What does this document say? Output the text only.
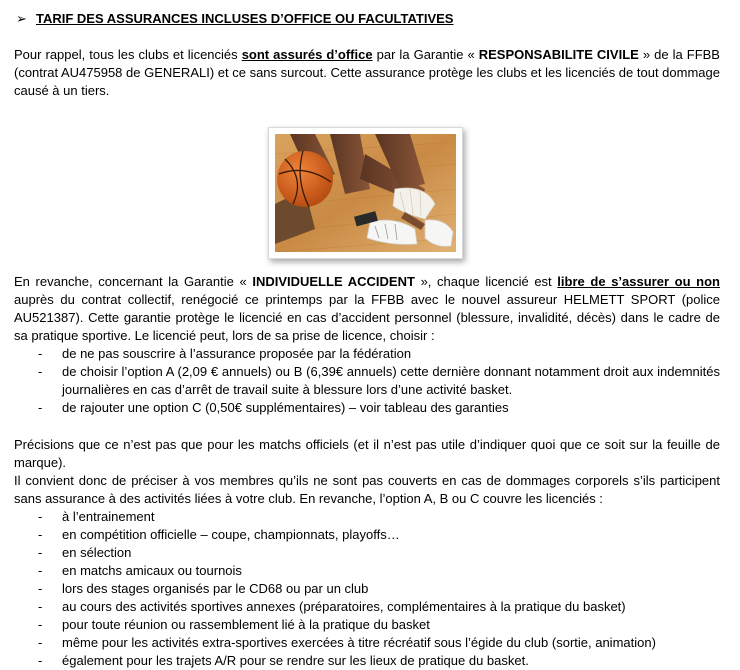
➢ TARIF DES ASSURANCES INCLUSES D’OFFICE OU FACULTATIVES
Pour rappel, tous les clubs et licenciés sont assurés d’office par la Garantie « RESPONSABILITE CIVILE » de la FFBB (contrat AU475958 de GENERALI) et ce sans surcout. Cette assurance protège les clubs et les licenciés de tout dommage causé à un tiers.
En revanche, concernant la Garantie « INDIVIDUELLE ACCIDENT », chaque licencié est libre de s’assurer ou non auprès du contrat collectif, renégocié ce printemps par la FFBB avec le nouvel assureur HELMETT SPORT (police AU521387). Cette garantie protège le licencié en cas d’accident personnel (blessure, invalidité, décès) dans le cadre de sa pratique sportive. Le licencié peut, lors de sa prise de licence, choisir :
- de ne pas souscrire à l’assurance proposée par la fédération
- de choisir l’option A (2,09 € annuels) ou B (6,39€ annuels) cette dernière donnant notamment droit aux indemnités journalières en cas d’arrêt de travail suite à blessure lors d’une activité basket.
- de rajouter une option C (0,50€ supplémentaires) – voir tableau des garanties
Précisions que ce n’est pas que pour les matchs officiels (et il n’est pas utile d’indiquer quoi que ce soit sur la feuille de marque).
Il convient donc de préciser à vos membres qu’ils ne sont pas couverts en cas de dommages corporels s’ils participent sans assurance à des activités liées à votre club. En revanche, l’option A, B ou C couvre les licenciés :
- à l’entrainement
- en compétition officielle – coupe, championnats, playoffs…
- en sélection
- en matchs amicaux ou tournois
- lors des stages organisés par le CD68 ou par un club
- au cours des activités sportives annexes (préparatoires, complémentaires à la pratique du basket)
- pour toute réunion ou rassemblement lié à la pratique du basket
- même pour les activités extra-sportives exercées à titre récréatif sous l’égide du club (sortie, animation)
- également pour les trajets A/R pour se rendre sur les lieux de pratique du basket.
